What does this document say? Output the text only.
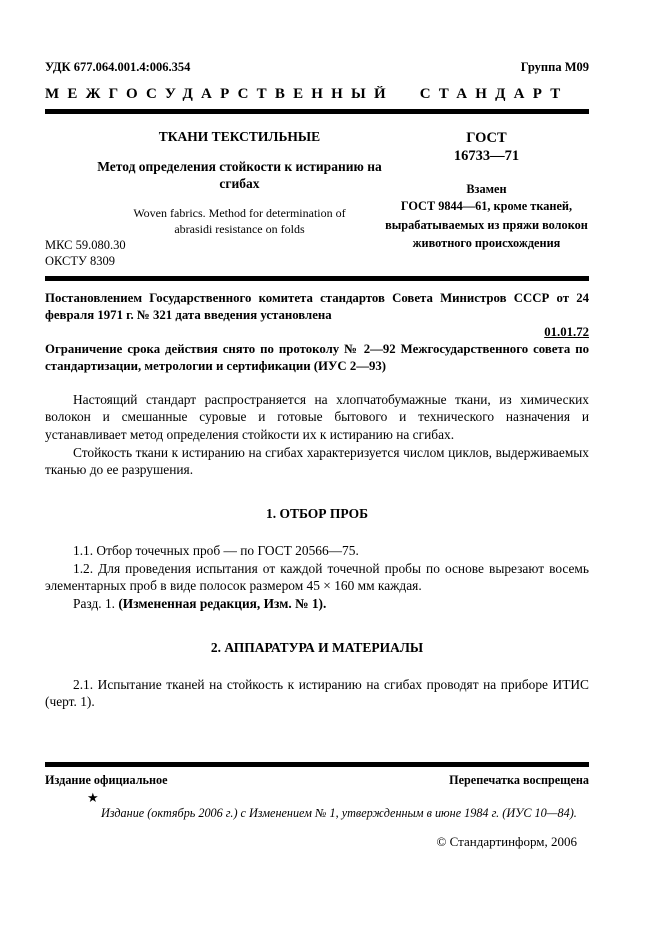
УДК 677.064.001.4:006.354	Группа М09
МЕЖГОСУДАРСТВЕННЫЙ СТАНДАРТ
ТКАНИ ТЕКСТИЛЬНЫЕ
Метод определения стойкости к истиранию на сгибах
Woven fabrics. Method for determination of abrasidi resistance on folds
ГОСТ
16733—71
Взамен
ГОСТ 9844—61, кроме тканей, вырабатываемых из пряжи волокон животного происхождения
МКС 59.080.30
ОКСТУ 8309
Постановлением Государственного комитета стандартов Совета Министров СССР от 24 февраля 1971 г. № 321 дата введения установлена
01.01.72
Ограничение срока действия снято по протоколу № 2—92 Межгосударственного совета по стандартизации, метрологии и сертификации (ИУС 2—93)
Настоящий стандарт распространяется на хлопчатобумажные ткани, из химических волокон и смешанные суровые и готовые бытового и технического назначения и устанавливает метод определения стойкости их к истиранию на сгибах.
Стойкость ткани к истиранию на сгибах характеризуется числом циклов, выдерживаемых тканью до ее разрушения.
1. ОТБОР ПРОБ
1.1. Отбор точечных проб — по ГОСТ 20566—75.
1.2. Для проведения испытания от каждой точечной пробы по основе вырезают восемь элементарных проб в виде полосок размером 45 × 160 мм каждая.
Разд. 1. (Измененная редакция, Изм. № 1).
2. АППАРАТУРА И МАТЕРИАЛЫ
2.1. Испытание тканей на стойкость к истиранию на сгибах проводят на приборе ИТИС (черт. 1).
Издание официальное	Перепечатка воспрещена
★
Издание (октябрь 2006 г.) с Изменением № 1, утвержденным в июне 1984 г. (ИУС 10—84).
© Стандартинформ, 2006
